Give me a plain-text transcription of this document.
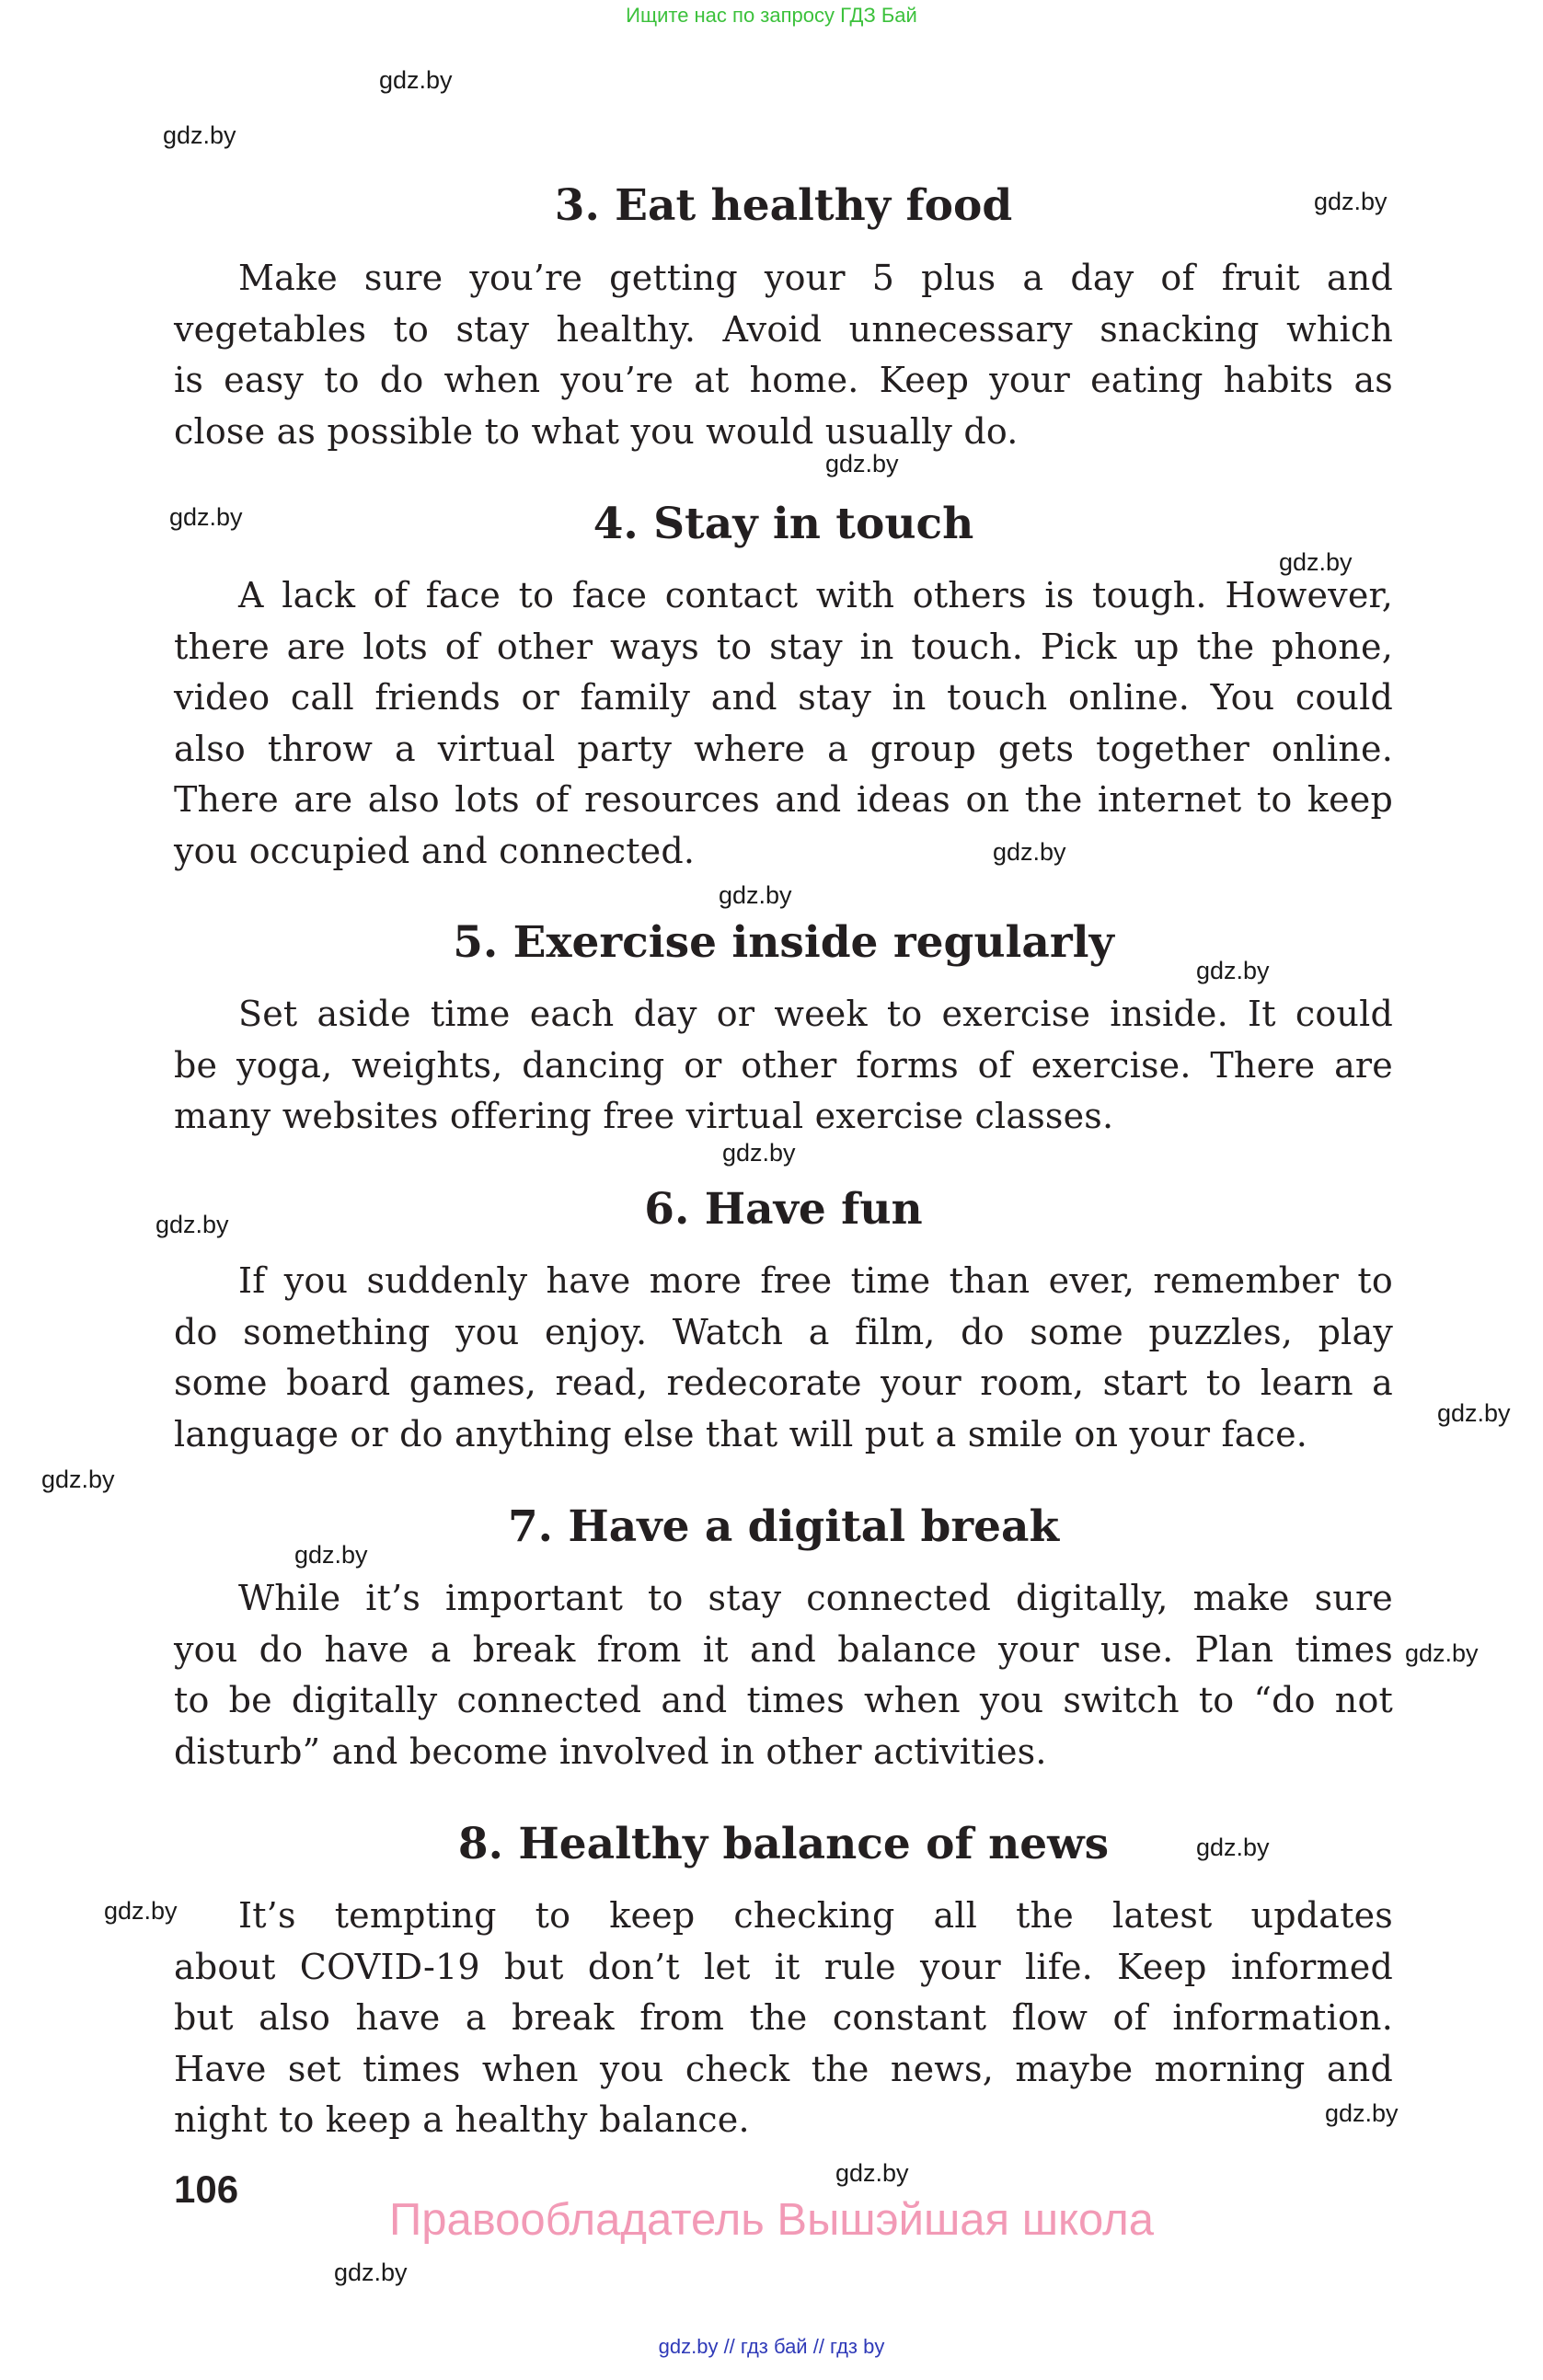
Ищите нас по запросу ГДЗ Бай
3. Eat healthy food
Make sure you’re getting your 5 plus a day of fruit and
vegetables to stay healthy. Avoid unnecessary snacking which
is easy to do when you’re at home. Keep your eating habits as
close as possible to what you would usually do.
4. Stay in touch
A lack of face to face contact with others is tough. However,
there are lots of other ways to stay in touch. Pick up the phone,
video call friends or family and stay in touch online. You could
also throw a virtual party where a group gets together online.
There are also lots of resources and ideas on the internet to keep
you occupied and connected.
5. Exercise inside regularly
Set aside time each day or week to exercise inside. It could
be yoga, weights, dancing or other forms of exercise. There are
many websites offering free virtual exercise classes.
6. Have fun
If you suddenly have more free time than ever, remember to
do something you enjoy. Watch a film, do some puzzles, play
some board games, read, redecorate your room, start to learn a
language or do anything else that will put a smile on your face.
7. Have a digital break
While it’s important to stay connected digitally, make sure
you do have a break from it and balance your use. Plan times
to be digitally connected and times when you switch to “do not
disturb” and become involved in other activities.
8. Healthy balance of news
It’s tempting to keep checking all the latest updates
about COVID-19 but don’t let it rule your life. Keep informed
but also have a break from the constant flow of information.
Have set times when you check the news, maybe morning and
night to keep a healthy balance.
gdz.by
gdz.by
gdz.by
gdz.by
gdz.by
gdz.by
gdz.by
gdz.by
gdz.by
gdz.by
gdz.by
gdz.by
gdz.by
gdz.by
gdz.by
gdz.by
gdz.by
gdz.by
gdz.by
gdz.by
106
Правообладатель Вышэйшая школа
gdz.by // гдз бай // гдз by
